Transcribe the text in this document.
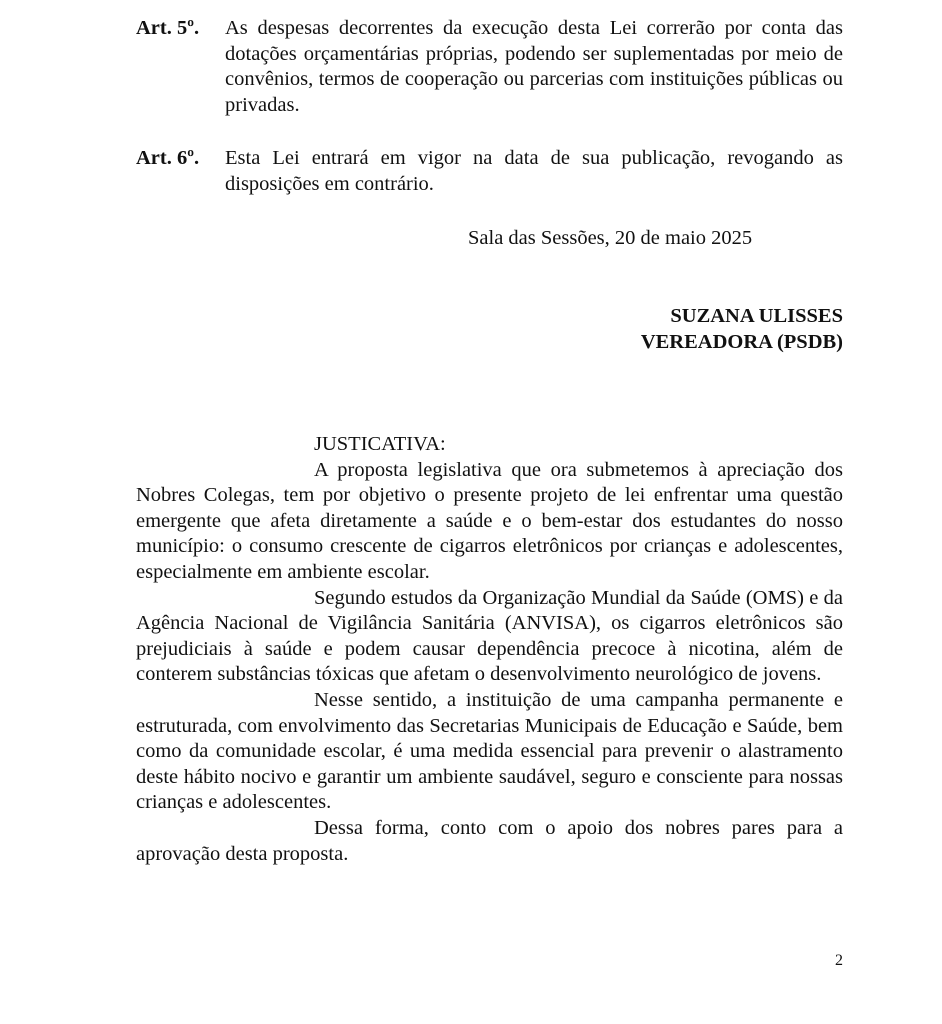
Art. 5º. As despesas decorrentes da execução desta Lei correrão por conta das dotações orçamentárias próprias, podendo ser suplementadas por meio de convênios, termos de cooperação ou parcerias com instituições públicas ou privadas.
Art. 6º. Esta Lei entrará em vigor na data de sua publicação, revogando as disposições em contrário.
Sala das Sessões, 20 de maio 2025
SUZANA ULISSES
VEREADORA (PSDB)
JUSTICATIVA:

A proposta legislativa que ora submetemos à apreciação dos Nobres Colegas, tem por objetivo o presente projeto de lei enfrentar uma questão emergente que afeta diretamente a saúde e o bem-estar dos estudantes do nosso município: o consumo crescente de cigarros eletrônicos por crianças e adolescentes, especialmente em ambiente escolar.

Segundo estudos da Organização Mundial da Saúde (OMS) e da Agência Nacional de Vigilância Sanitária (ANVISA), os cigarros eletrônicos são prejudiciais à saúde e podem causar dependência precoce à nicotina, além de conterem substâncias tóxicas que afetam o desenvolvimento neurológico de jovens.

Nesse sentido, a instituição de uma campanha permanente e estruturada, com envolvimento das Secretarias Municipais de Educação e Saúde, bem como da comunidade escolar, é uma medida essencial para prevenir o alastramento deste hábito nocivo e garantir um ambiente saudável, seguro e consciente para nossas crianças e adolescentes.

Dessa forma, conto com o apoio dos nobres pares para a aprovação desta proposta.

2
